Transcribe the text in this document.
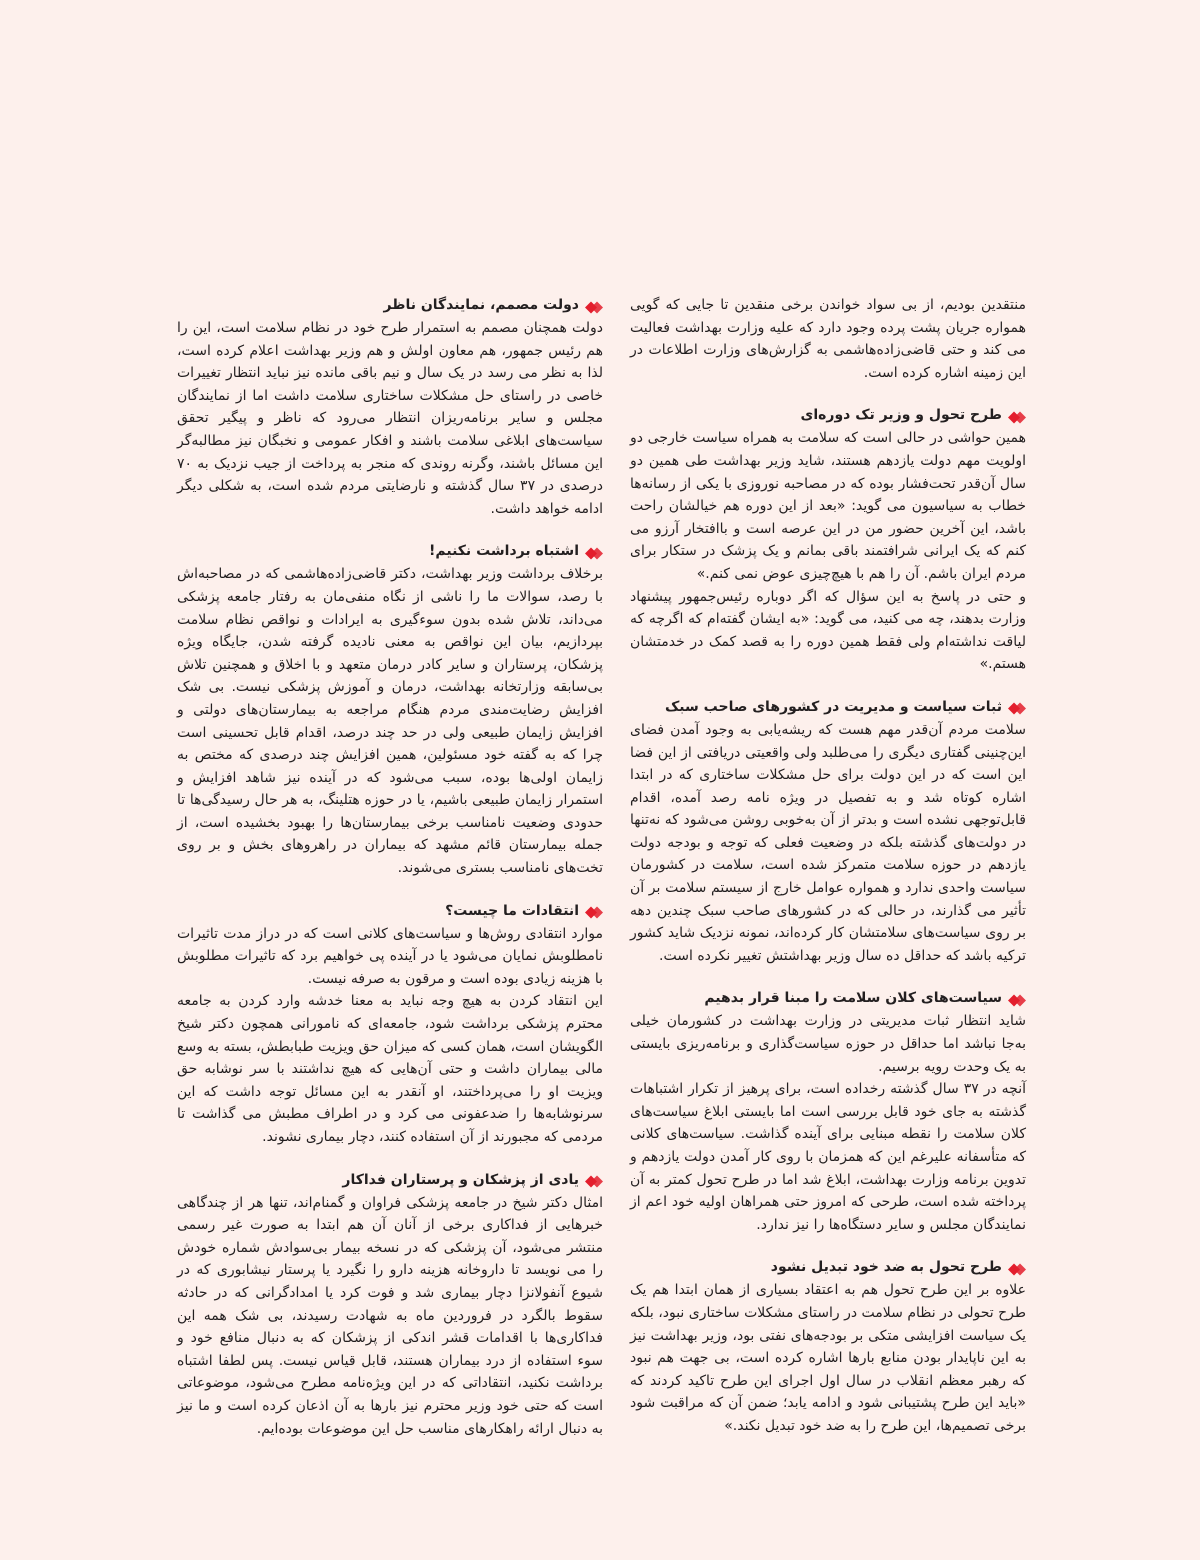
منتقدین بودیم، از بی سواد خواندن برخی منقدین تا جایی که گویی همواره جریان پشت پرده وجود دارد که علیه وزارت بهداشت فعالیت می کند و حتی قاضی‌زاده‌هاشمی به گزارش‌های وزارت اطلاعات در این زمینه اشاره کرده است.

طرح تحول و وزیر تک دوره‌ای

همین حواشی در حالی است که سلامت به همراه سیاست خارجی دو اولویت مهم دولت یازدهم هستند، شاید وزیر بهداشت طی همین دو سال آن‌قدر تحت‌فشار بوده که در مصاحبه نوروزی با یکی از رسانه‌ها خطاب به سیاسیون می گوید: «بعد از این دوره هم خیالشان راحت باشد، این آخرین حضور من در این عرصه است و باافتخار آرزو می کنم که یک ایرانی شرافتمند باقی بمانم و یک پزشک در ستکار برای مردم ایران باشم. آن را هم با هیچ‌چیزی عوض نمی کنم.»

و حتی در پاسخ به این سؤال که اگر دوباره رئیس‌جمهور پیشنهاد وزارت بدهند، چه می کنید، می گوید: «به ایشان گفته‌ام که اگرچه که لیاقت نداشته‌ام ولی فقط همین دوره را به قصد کمک در خدمتشان هستم.»

ثبات سیاست و مدیریت در کشورهای صاحب سبک

سلامت مردم آن‌قدر مهم هست که ریشه‌یابی به وجود آمدن فضای این‌چنینی گفتاری دیگری را می‌طلبد ولی واقعیتی دریافتی از این فضا این است که در این دولت برای حل مشکلات ساختاری که در ابتدا اشاره کوتاه شد و به تفصیل در ویژه نامه رصد آمده، اقدام قابل‌توجهی نشده است و بدتر از آن به‌خوبی روشن می‌شود که نه‌تنها در دولت‌های گذشته بلکه در وضعیت فعلی که توجه و بودجه دولت یازدهم در حوزه سلامت متمرکز شده است، سلامت در کشورمان سیاست واحدی ندارد و همواره عوامل خارج از سیستم سلامت بر آن تأثیر می گذارند، در حالی که در کشورهای صاحب سبک چندین دهه بر روی سیاست‌های سلامتشان کار کرده‌اند، نمونه نزدیک شاید کشور ترکیه باشد که حداقل ده سال وزیر بهداشتش تغییر نکرده است.

سیاست‌های کلان سلامت را مبنا قرار بدهیم

شاید انتظار ثبات مدیریتی در وزارت بهداشت در کشورمان خیلی به‌جا نباشد اما حداقل در حوزه سیاست‌گذاری و برنامه‌ریزی بایستی به یک وحدت رویه برسیم.

آنچه در ۳۷ سال گذشته رخداده است، برای پرهیز از تکرار اشتباهات گذشته به جای خود قابل بررسی است اما بایستی ابلاغ سیاست‌های کلان سلامت را نقطه مبنایی برای آینده گذاشت. سیاست‌های کلانی که متأسفانه علیرغم این که همزمان با روی کار آمدن دولت یازدهم و تدوین برنامه وزارت بهداشت، ابلاغ شد اما در طرح تحول کمتر به آن پرداخته شده است، طرحی که امروز حتی همراهان اولیه خود اعم از نمایندگان مجلس و سایر دستگاه‌ها را نیز ندارد.

طرح تحول به ضد خود تبدیل نشود

علاوه بر این طرح تحول هم به اعتقاد بسیاری از همان ابتدا هم یک طرح تحولی در نظام سلامت در راستای مشکلات ساختاری نبود، بلکه یک سیاست افزایشی متکی بر بودجه‌های نفتی بود، وزیر بهداشت نیز به این ناپایدار بودن منابع بارها اشاره کرده است، بی جهت هم نبود که رهبر معظم انقلاب در سال اول اجرای این طرح تاکید کردند که «باید این طرح پشتیبانی شود و ادامه یابد؛ ضمن آن که مراقبت شود برخی تصمیم‌ها، این طرح را به ضد خود تبدیل نکند.»

دولت مصمم، نمایندگان ناظر

دولت همچنان مصمم به استمرار طرح خود در نظام سلامت است، این را هم رئیس جمهور، هم معاون اولش و هم وزیر بهداشت اعلام کرده است، لذا به نظر می رسد در یک سال و نیم باقی مانده نیز نباید انتظار تغییرات خاصی در راستای حل مشکلات ساختاری سلامت داشت اما از نمایندگان مجلس و سایر برنامه‌ریزان انتظار می‌رود که ناظر و پیگیر تحقق سیاست‌های ابلاغی سلامت باشند و افکار عمومی و نخبگان نیز مطالبه‌گر این مسائل باشند، وگرنه روندی که منجر به پرداخت از جیب نزدیک به ۷۰ درصدی در ۳۷ سال گذشته و نارضایتی مردم شده است، به شکلی دیگر ادامه خواهد داشت.

اشتباه برداشت نکنیم!

برخلاف برداشت وزیر بهداشت، دکتر قاضی‌زاده‌هاشمی که در مصاحبه‌اش با رصد، سوالات ما را ناشی از نگاه منفی‌مان به رفتار جامعه پزشکی می‌داند، تلاش شده بدون سوء‌گیری به ایرادات و نواقص نظام سلامت بپردازیم، بیان این نواقص به معنی نادیده گرفته شدن، جایگاه ویژه پزشکان، پرستاران و سایر کادر درمان متعهد و با اخلاق و همچنین تلاش بی‌سابقه وزارتخانه بهداشت، درمان و آموزش پزشکی نیست. بی شک افزایش رضایت‌مندی مردم هنگام مراجعه به بیمارستان‌های دولتی و افزایش زایمان طبیعی ولی در حد چند درصد، اقدام قابل تحسینی است چرا که به گفته خود مسئولین، همین افزایش چند درصدی که مختص به زایمان اولی‌ها بوده، سبب می‌شود که در آینده نیز شاهد افزایش و استمرار زایمان طبیعی باشیم، یا در حوزه هتلینگ، به هر حال رسیدگی‌ها تا حدودی وضعیت نامناسب برخی بیمارستان‌ها را بهبود بخشیده است، از جمله بیمارستان قائم مشهد که بیماران در راهروهای بخش و بر روی تخت‌های نامناسب بستری می‌شوند.

انتقادات ما چیست؟

موارد انتقادی روش‌ها و سیاست‌های کلانی است که در دراز مدت تاثیرات نامطلوبش نمایان می‌شود یا در آینده پی خواهیم برد که تاثیرات مطلوبش با هزینه زیادی بوده است و مرقون به صرفه نیست.

این انتقاد کردن به هیچ وجه نباید به معنا خدشه وارد کردن به جامعه محترم پزشکی برداشت شود، جامعه‌ای که نامورانی همچون دکتر شیخ الگویشان است، همان کسی که میزان حق ویزیت طبابطش، بسته به وسع مالی بیماران داشت و حتی آن‌هایی که هیچ نداشتند با سر نوشابه حق ویزیت او را می‌پرداختند، او آنقدر به این مسائل توجه داشت که این سرنوشابه‌ها را ضدعفونی می کرد و در اطراف مطبش می گذاشت تا مردمی که مجبورند از آن استفاده کنند، دچار بیماری نشوند.

یادی از پزشکان و پرستاران فداکار

امثال دکتر شیخ در جامعه پزشکی فراوان و گمنام‌اند، تنها هر از چندگاهی خبرهایی از فداکاری برخی از آنان آن هم ابتدا به صورت غیر رسمی منتشر می‌شود، آن پزشکی که در نسخه بیمار بی‌سوادش شماره خودش را می نویسد تا داروخانه هزینه دارو را نگیرد یا پرستار نیشابوری که در شیوع آنفولانزا دچار بیماری شد و فوت کرد یا امدادگرانی که در حادثه سقوط بالگرد در فروردین ماه به شهادت رسیدند، بی شک همه این فداکاری‌ها با اقدامات قشر اندکی از پزشکان که به دنبال منافع خود و سوء استفاده از درد بیماران هستند، قابل قیاس نیست. پس لطفا اشتباه برداشت نکنید، انتقاداتی که در این ویژه‌نامه مطرح می‌شود، موضوعاتی است که حتی خود وزیر محترم نیز بارها به آن اذعان کرده است و ما نیز به دنبال ارائه راهکارهای مناسب حل این موضوعات بوده‌ایم.
